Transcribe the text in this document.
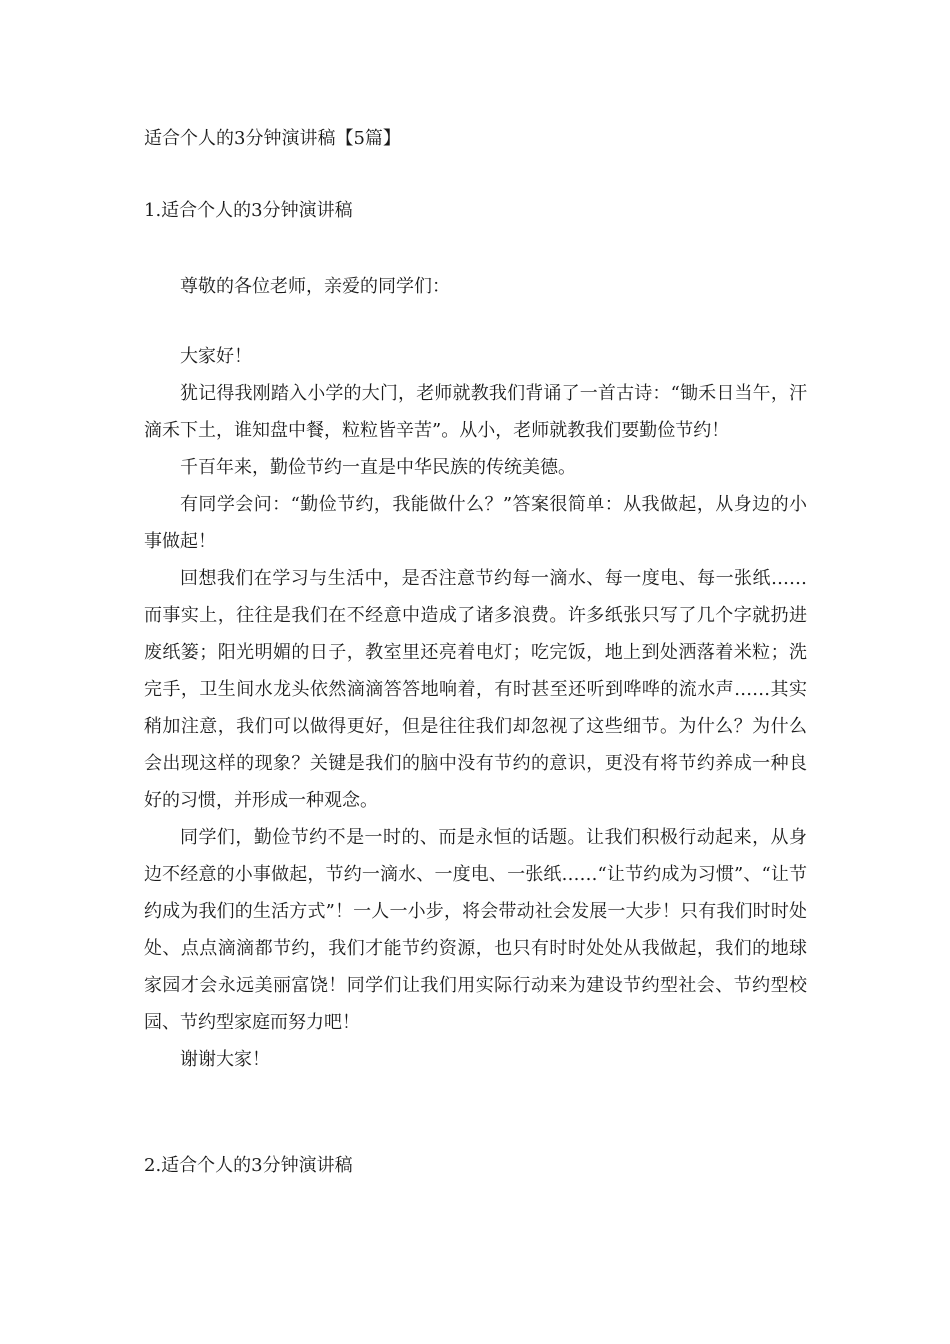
适合个人的3分钟演讲稿【5篇】
1.适合个人的3分钟演讲稿

尊敬的各位老师，亲爱的同学们：

大家好！

犹记得我刚踏入小学的大门，老师就教我们背诵了一首古诗：“锄禾日当午，汗滴禾下土，谁知盘中餐，粒粒皆辛苦”。从小，老师就教我们要勤俭节约！

千百年来，勤俭节约一直是中华民族的传统美德。

有同学会问：“勤俭节约，我能做什么？”答案很简单：从我做起，从身边的小事做起！

回想我们在学习与生活中，是否注意节约每一滴水、每一度电、每一张纸……而事实上，往往是我们在不经意中造成了诸多浪费。许多纸张只写了几个字就扔进废纸篓；阳光明媚的日子，教室里还亮着电灯；吃完饭，地上到处洒落着米粒；洗完手，卫生间水龙头依然滴滴答答地响着，有时甚至还听到哗哗的流水声……其实稍加注意，我们可以做得更好，但是往往我们却忽视了这些细节。为什么？为什么会出现这样的现象？关键是我们的脑中没有节约的意识，更没有将节约养成一种良好的习惯，并形成一种观念。

同学们，勤俭节约不是一时的、而是永恒的话题。让我们积极行动起来，从身边不经意的小事做起，节约一滴水、一度电、一张纸……“让节约成为习惯”、“让节约成为我们的生活方式”！一人一小步，将会带动社会发展一大步！只有我们时时处处、点点滴滴都节约，我们才能节约资源，也只有时时处处从我做起，我们的地球家园才会永远美丽富饶！同学们让我们用实际行动来为建设节约型社会、节约型校园、节约型家庭而努力吧！

谢谢大家！

2.适合个人的3分钟演讲稿
